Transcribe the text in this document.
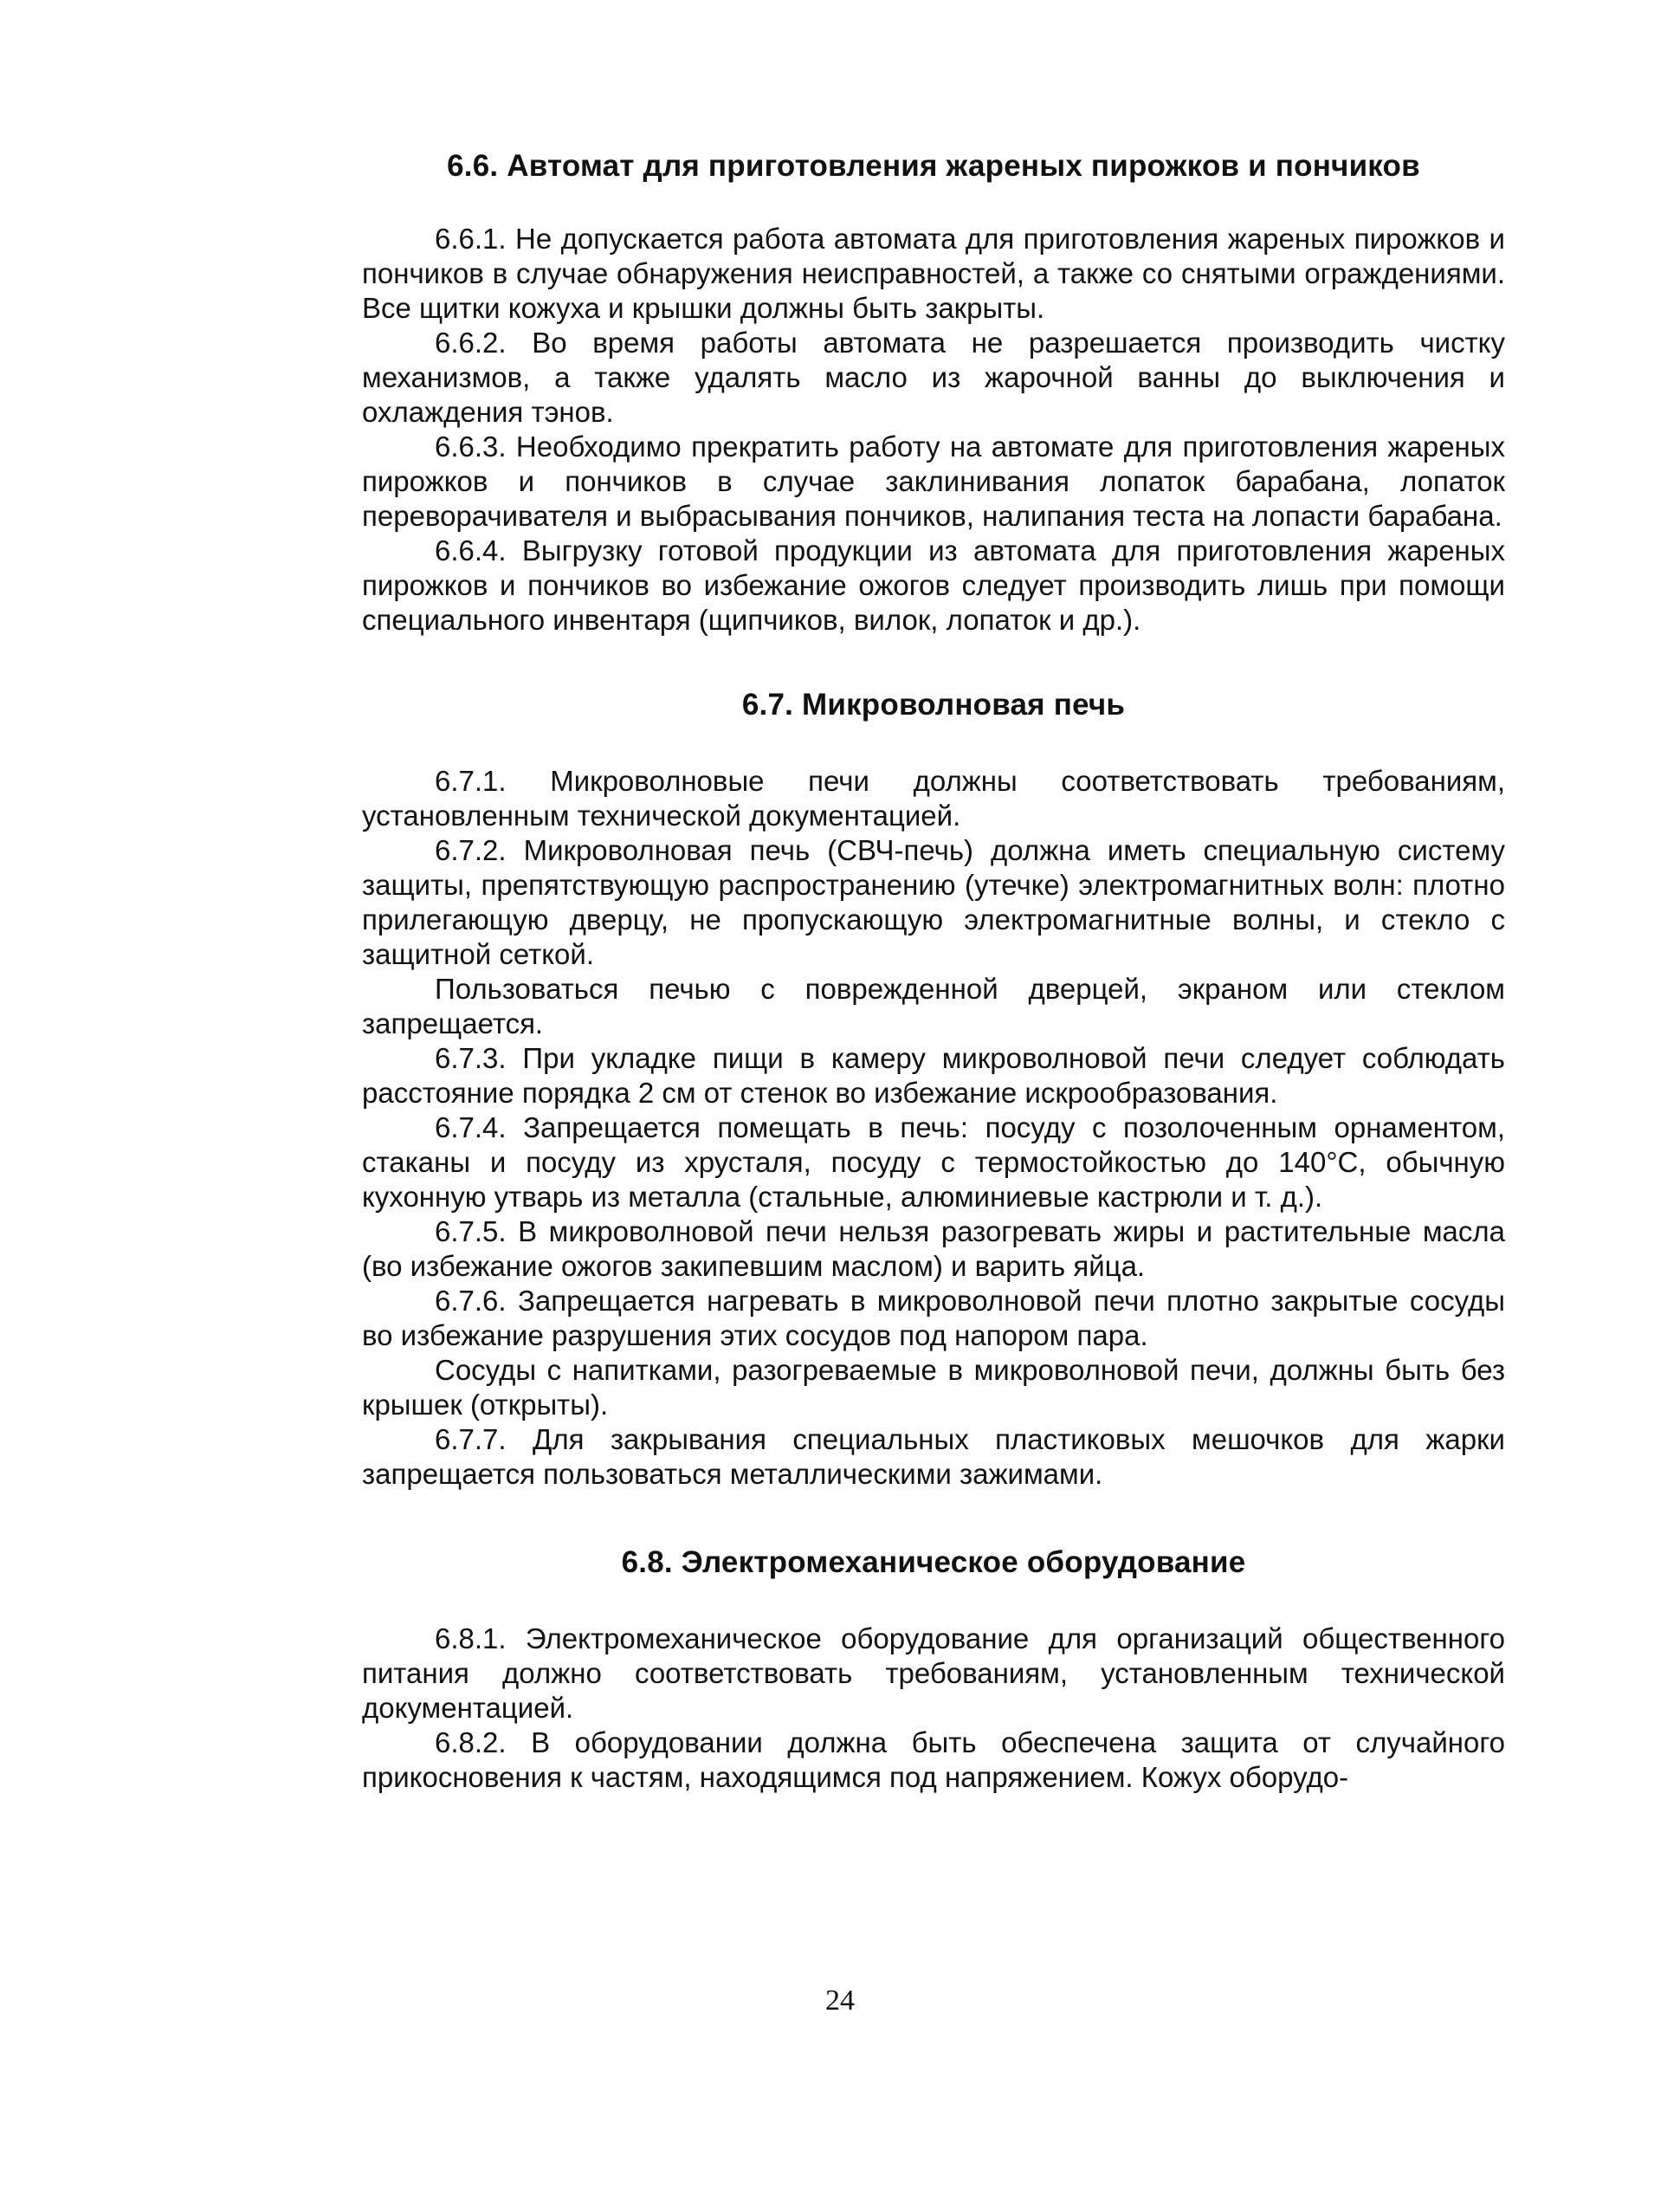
6.6. Автомат для приготовления жареных пирожков и пончиков

6.6.1. Не допускается работа автомата для приготовления жареных пирожков и пончиков в случае обнаружения неисправностей, а также со снятыми ограждениями. Все щитки кожуха и крышки должны быть закрыты.

6.6.2. Во время работы автомата не разрешается производить чистку механизмов, а также удалять масло из жарочной ванны до выключения и охлаждения тэнов.

6.6.3. Необходимо прекратить работу на автомате для приготовления жареных пирожков и пончиков в случае заклинивания лопаток барабана, лопаток переворачивателя и выбрасывания пончиков, налипания теста на лопасти барабана.

6.6.4. Выгрузку готовой продукции из автомата для приготовления жареных пирожков и пончиков во избежание ожогов следует производить лишь при помощи специального инвентаря (щипчиков, вилок, лопаток и др.).

6.7. Микроволновая печь

6.7.1. Микроволновые печи должны соответствовать требованиям, установленным технической документацией.

6.7.2. Микроволновая печь (СВЧ-печь) должна иметь специальную систему защиты, препятствующую распространению (утечке) электромагнитных волн: плотно прилегающую дверцу, не пропускающую электромагнитные волны, и стекло с защитной сеткой.

Пользоваться печью с поврежденной дверцей, экраном или стеклом запрещается.

6.7.3. При укладке пищи в камеру микроволновой печи следует соблюдать расстояние порядка 2 см от стенок во избежание искрообразования.

6.7.4. Запрещается помещать в печь: посуду с позолоченным орнаментом, стаканы и посуду из хрусталя, посуду с термостойкостью до 140°С, обычную кухонную утварь из металла (стальные, алюминиевые кастрюли и т. д.).

6.7.5. В микроволновой печи нельзя разогревать жиры и растительные масла (во избежание ожогов закипевшим маслом) и варить яйца.

6.7.6. Запрещается нагревать в микроволновой печи плотно закрытые сосуды во избежание разрушения этих сосудов под напором пара.

Сосуды с напитками, разогреваемые в микроволновой печи, должны быть без крышек (открыты).

6.7.7. Для закрывания специальных пластиковых мешочков для жарки запрещается пользоваться металлическими зажимами.

6.8. Электромеханическое оборудование

6.8.1. Электромеханическое оборудование для организаций общественного питания должно соответствовать требованиям, установленным технической документацией.

6.8.2. В оборудовании должна быть обеспечена защита от случайного прикосновения к частям, находящимся под напряжением. Кожух оборудо-

24
